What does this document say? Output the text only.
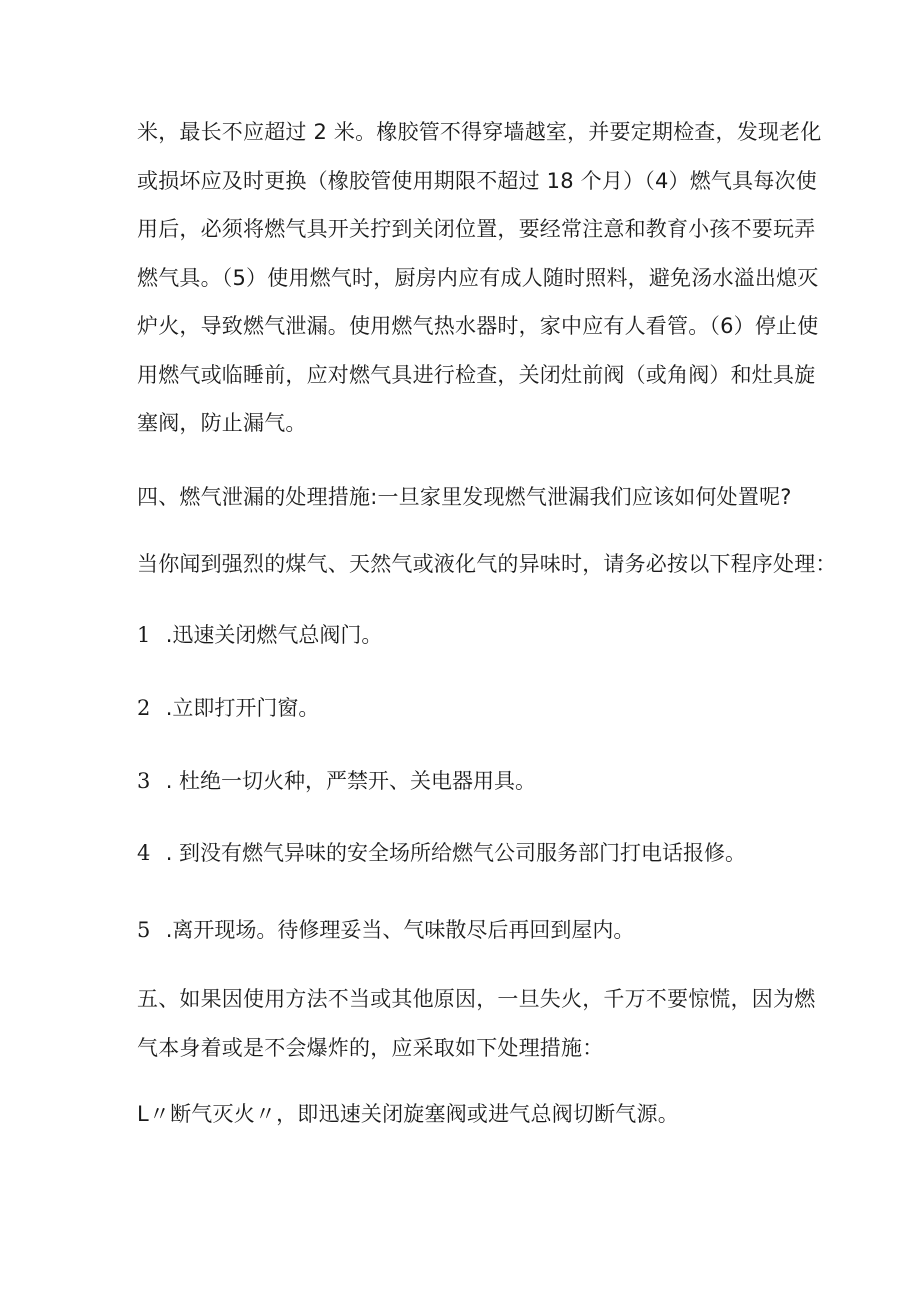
米，最长不应超过 2 米。橡胶管不得穿墙越室，并要定期检查，发现老化
或损坏应及时更换（橡胶管使用期限不超过 18 个月）（4）燃气具每次使
用后，必须将燃气具开关拧到关闭位置，要经常注意和教育小孩不要玩弄
燃气具。（5）使用燃气时，厨房内应有成人随时照料，避免汤水溢出熄灭
炉火，导致燃气泄漏。使用燃气热水器时，家中应有人看管。（6）停止使
用燃气或临睡前，应对燃气具进行检查，关闭灶前阀（或角阀）和灶具旋
塞阀，防止漏气。
四、燃气泄漏的处理措施:一旦家里发现燃气泄漏我们应该如何处置呢?
当你闻到强烈的煤气、天然气或液化气的异味时，请务必按以下程序处理：
1 .迅速关闭燃气总阀门。
2 .立即打开门窗。
3 . 杜绝一切火种，严禁开、关电器用具。
4 . 到没有燃气异味的安全场所给燃气公司服务部门打电话报修。
5 .离开现场。待修理妥当、气味散尽后再回到屋内。
五、如果因使用方法不当或其他原因，一旦失火，千万不要惊慌，因为燃
气本身着或是不会爆炸的，应采取如下处理措施：
L〃断气灭火〃，即迅速关闭旋塞阀或进气总阀切断气源。
